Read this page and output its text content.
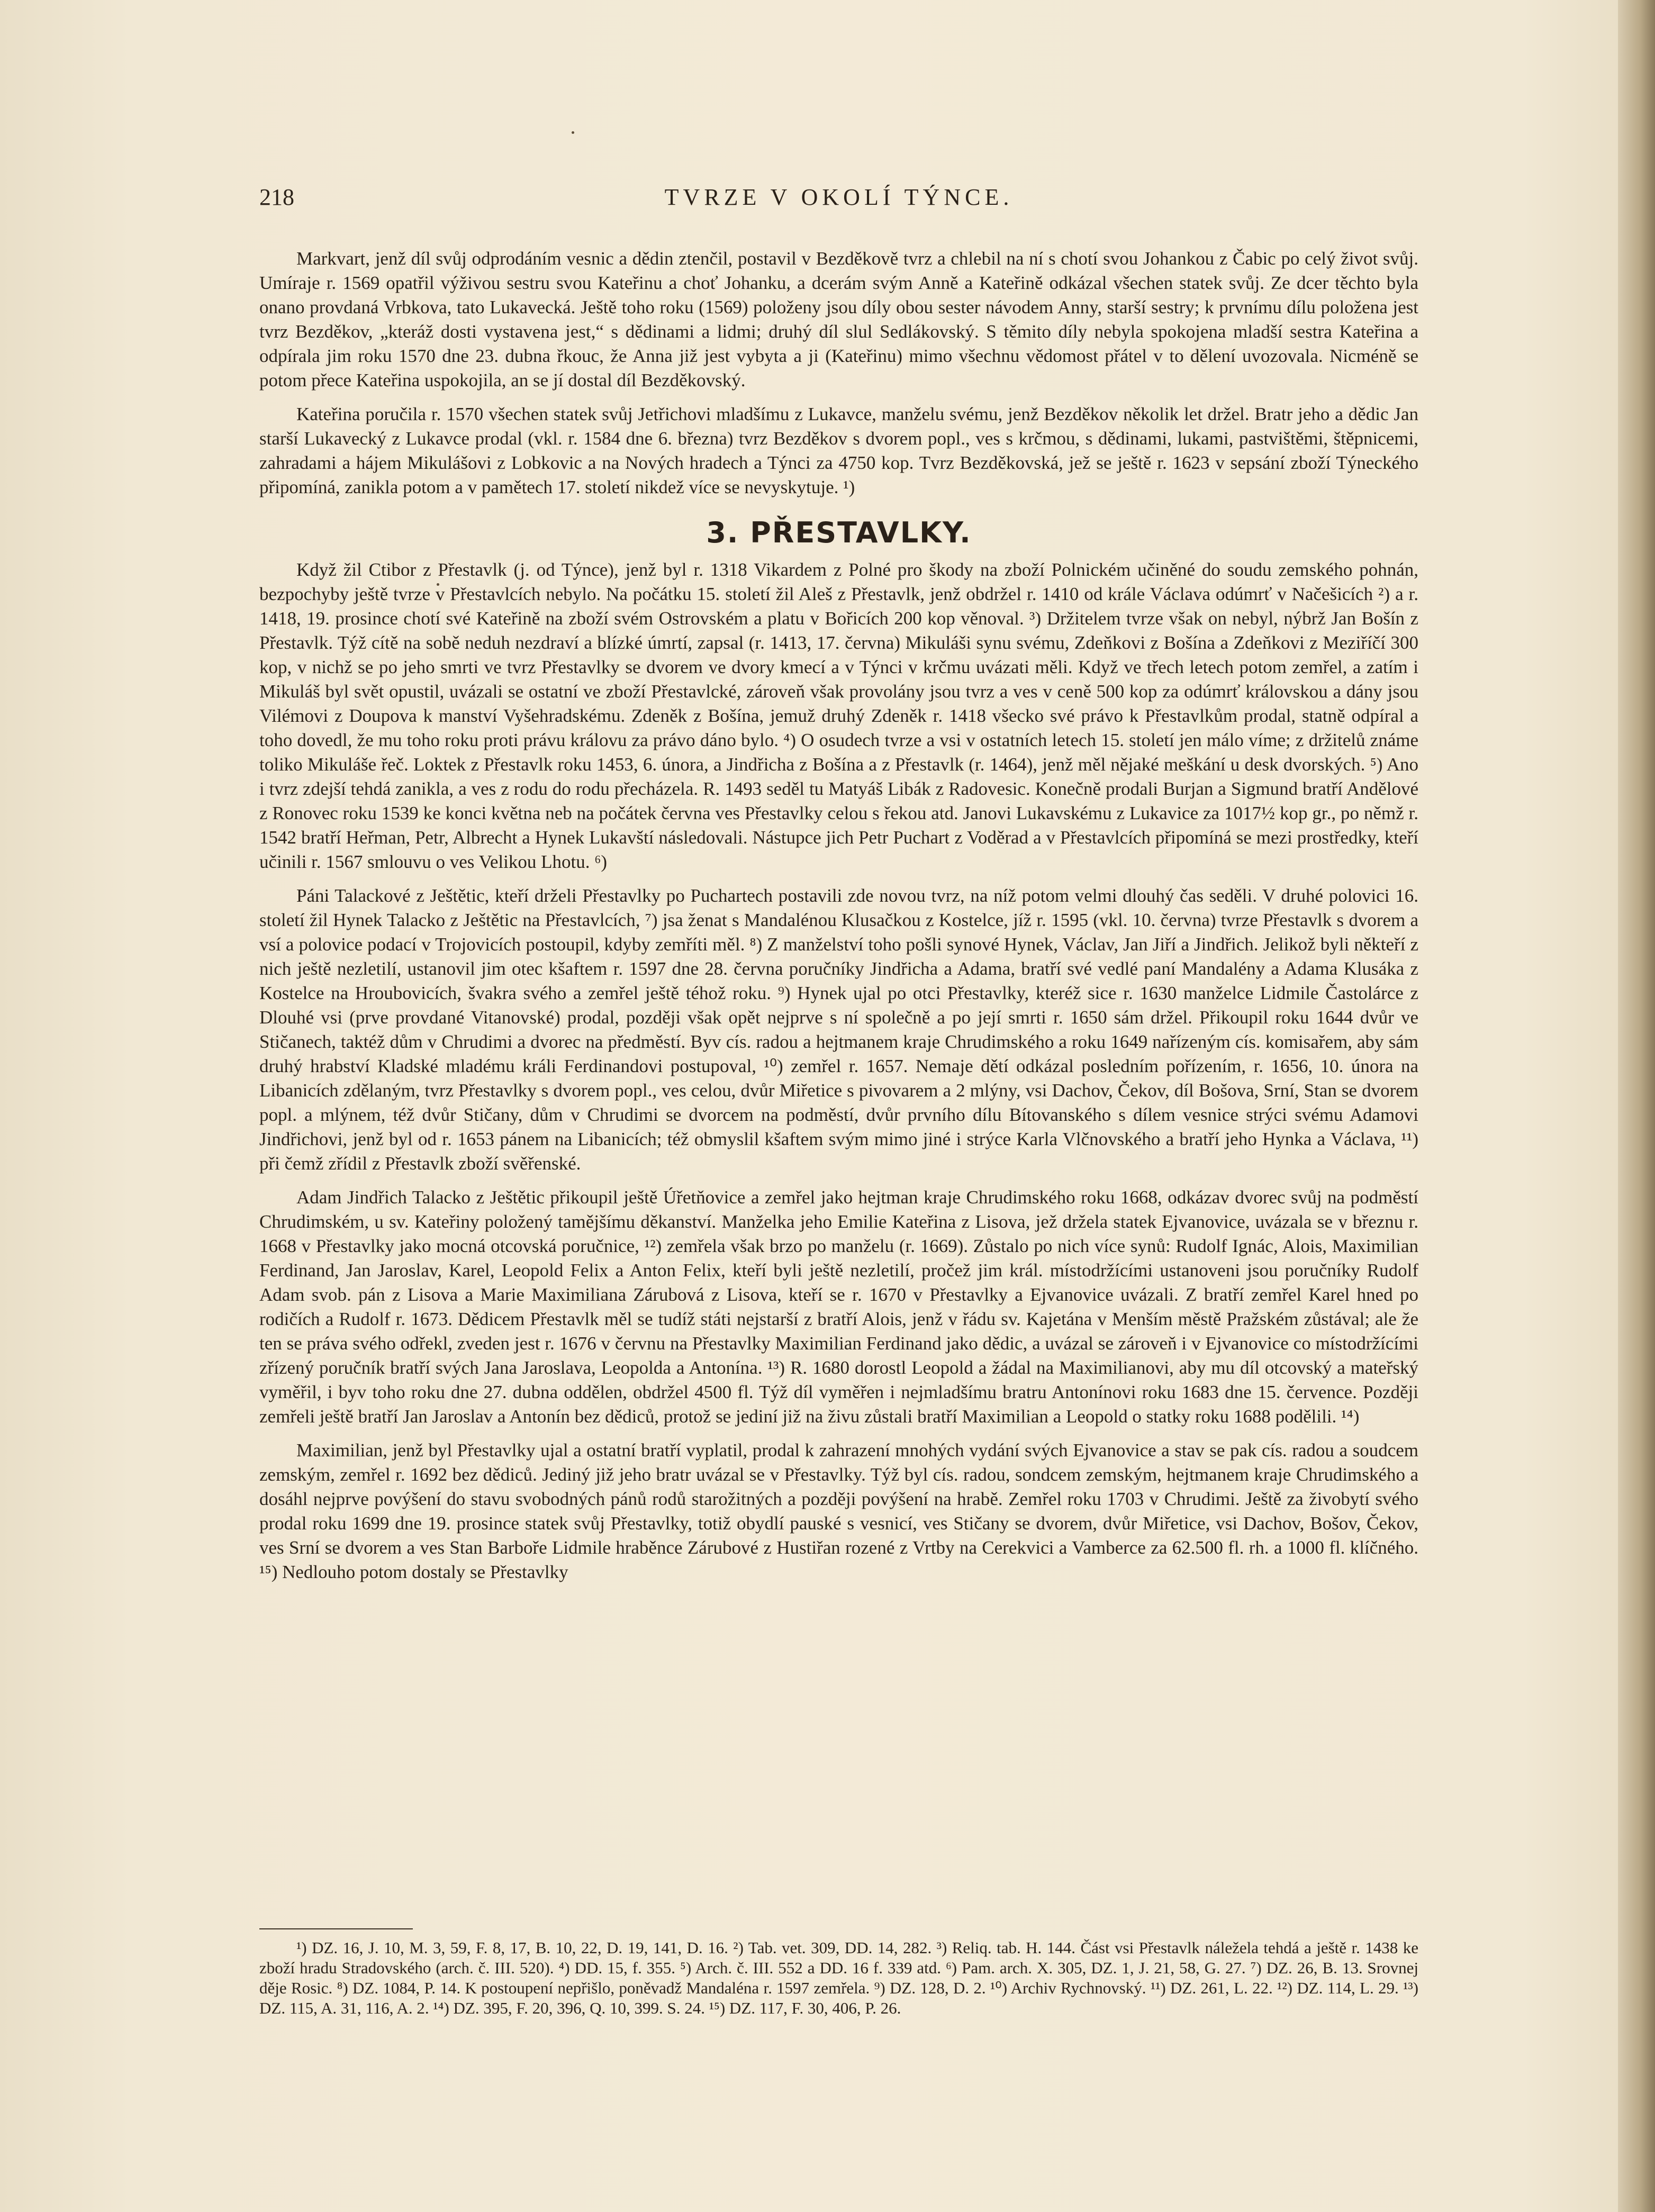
218	TVRZE V OKOLÍ TÝNCE.

Markvart, jenž díl svůj odprodáním vesnic a dědin ztenčil, postavil v Bezděkově tvrz a chlebil na ní s chotí svou Johankou z Čabic po celý život svůj. Umíraje r. 1569 opatřil výživou sestru svou Kateřinu a choť Johanku, a dcerám svým Anně a Kateřině odkázal všechen statek svůj. Ze dcer těchto byla onano provdaná Vrbkova, tato Lukavecká. Ještě toho roku (1569) položeny jsou díly obou sester návodem Anny, starší sestry; k prvnímu dílu položena jest tvrz Bezděkov, „kteráž dosti vystavena jest,“ s dědinami a lidmi; druhý díl slul Sedlákovský. S těmito díly nebyla spokojena mladší sestra Kateřina a odpírala jim roku 1570 dne 23. dubna řkouc, že Anna již jest vybyta a ji (Kateřinu) mimo všechnu vědomost přátel v to dělení uvozovala. Nicméně se potom přece Kateřina uspokojila, an se jí dostal díl Bezděkovský.

Kateřina poručila r. 1570 všechen statek svůj Jetřichovi mladšímu z Lukavce, manželu svému, jenž Bezděkov několik let držel. Bratr jeho a dědic Jan starší Lukavecký z Lukavce prodal (vkl. r. 1584 dne 6. března) tvrz Bezděkov s dvorem popl., ves s krčmou, s dědinami, lukami, pastvištěmi, štěpnicemi, zahradami a hájem Mikulášovi z Lobkovic a na Nových hradech a Týnci za 4750 kop. Tvrz Bezděkovská, jež se ještě r. 1623 v sepsání zboží Týneckého připomíná, zanikla potom a v pamětech 17. století nikdež více se nevyskytuje. ¹)

3. PŘESTAVLKY.

Když žil Ctibor z Přestavlk (j. od Týnce), jenž byl r. 1318 Vikardem z Polné pro škody na zboží Polnickém učiněné do soudu zemského pohnán, bezpochyby ještě tvrze v Přestavlcích nebylo. Na počátku 15. století žil Aleš z Přestavlk, jenž obdržel r. 1410 od krále Václava odúmrť v Načešicích ²) a r. 1418, 19. prosince chotí své Kateřině na zboží svém Ostrovském a platu v Bořicích 200 kop věnoval. ³) Držitelem tvrze však on nebyl, nýbrž Jan Bošín z Přestavlk. Týž cítě na sobě neduh nezdraví a blízké úmrtí, zapsal (r. 1413, 17. června) Mikuláši synu svému, Zdeňkovi z Bošína a Zdeňkovi z Meziříčí 300 kop, v nichž se po jeho smrti ve tvrz Přestavlky se dvorem ve dvory kmecí a v Týnci v krčmu uvázati měli. Když ve třech letech potom zemřel, a zatím i Mikuláš byl svět opustil, uvázali se ostatní ve zboží Přestavlcké, zároveň však provolány jsou tvrz a ves v ceně 500 kop za odúmrť královskou a dány jsou Vilémovi z Doupova k manství Vyšehradskému. Zdeněk z Bošína, jemuž druhý Zdeněk r. 1418 všecko své právo k Přestavlkům prodal, statně odpíral a toho dovedl, že mu toho roku proti právu královu za právo dáno bylo. ⁴) O osudech tvrze a vsi v ostatních letech 15. století jen málo víme; z držitelů známe toliko Mikuláše řeč. Loktek z Přestavlk roku 1453, 6. února, a Jindřicha z Bošína a z Přestavlk (r. 1464), jenž měl nějaké meškání u desk dvorských. ⁵) Ano i tvrz zdejší tehdá zanikla, a ves z rodu do rodu přecházela. R. 1493 seděl tu Matyáš Libák z Radovesic. Konečně prodali Burjan a Sigmund bratří Andělové z Ronovec roku 1539 ke konci května neb na počátek června ves Přestavlky celou s řekou atd. Janovi Lukavskému z Lukavice za 1017½ kop gr., po němž r. 1542 bratří Heřman, Petr, Albrecht a Hynek Lukavští následovali. Nástupce jich Petr Puchart z Voděrad a v Přestavlcích připomíná se mezi prostředky, kteří učinili r. 1567 smlouvu o ves Velikou Lhotu. ⁶)

Páni Talackové z Ještětic, kteří drželi Přestavlky po Puchartech postavili zde novou tvrz, na níž potom velmi dlouhý čas seděli. V druhé polovici 16. století žil Hynek Talacko z Ještětic na Přestavlcích, ⁷) jsa ženat s Mandalénou Klusačkou z Kostelce, jíž r. 1595 (vkl. 10. června) tvrze Přestavlk s dvorem a vsí a polovice podací v Trojovicích postoupil, kdyby zemříti měl. ⁸) Z manželství toho pošli synové Hynek, Václav, Jan Jiří a Jindřich. Jelikož byli někteří z nich ještě nezletilí, ustanovil jim otec kšaftem r. 1597 dne 28. června poručníky Jindřicha a Adama, bratří své vedlé paní Mandalény a Adama Klusáka z Kostelce na Hroubovicích, švakra svého a zemřel ještě téhož roku. ⁹) Hynek ujal po otci Přestavlky, kteréž sice r. 1630 manželce Lidmile Častolárce z Dlouhé vsi (prve provdané Vitanovské) prodal, později však opět nejprve s ní společně a po její smrti r. 1650 sám držel. Přikoupil roku 1644 dvůr ve Stičanech, taktéž dům v Chrudimi a dvorec na předměstí. Byv cís. radou a hejtmanem kraje Chrudimského a roku 1649 nařízeným cís. komisařem, aby sám druhý hrabství Kladské mladému králi Ferdinandovi postupoval, ¹⁰) zemřel r. 1657. Nemaje dětí odkázal posledním pořízením, r. 1656, 10. února na Libanicích zdělaným, tvrz Přestavlky s dvorem popl., ves celou, dvůr Miřetice s pivovarem a 2 mlýny, vsi Dachov, Čekov, díl Bošova, Srní, Stan se dvorem popl. a mlýnem, též dvůr Stičany, dům v Chrudimi se dvorcem na podměstí, dvůr prvního dílu Bítovanského s dílem vesnice strýci svému Adamovi Jindřichovi, jenž byl od r. 1653 pánem na Libanicích; též obmyslil kšaftem svým mimo jiné i strýce Karla Vlčnovského a bratří jeho Hynka a Václava, ¹¹) při čemž zřídil z Přestavlk zboží svěřenské.

Adam Jindřich Talacko z Ještětic přikoupil ještě Úřetňovice a zemřel jako hejtman kraje Chrudimského roku 1668, odkázav dvorec svůj na podměstí Chrudimském, u sv. Kateřiny položený tamějšímu děkanství. Manželka jeho Emilie Kateřina z Lisova, jež držela statek Ejvanovice, uvázala se v březnu r. 1668 v Přestavlky jako mocná otcovská poručnice, ¹²) zemřela však brzo po manželu (r. 1669). Zůstalo po nich více synů: Rudolf Ignác, Alois, Maximilian Ferdinand, Jan Jaroslav, Karel, Leopold Felix a Anton Felix, kteří byli ještě nezletilí, pročež jim král. místodržícími ustanoveni jsou poručníky Rudolf Adam svob. pán z Lisova a Marie Maximiliana Zárubová z Lisova, kteří se r. 1670 v Přestavlky a Ejvanovice uvázali. Z bratří zemřel Karel hned po rodičích a Rudolf r. 1673. Dědicem Přestavlk měl se tudíž státi nejstarší z bratří Alois, jenž v řádu sv. Kajetána v Menším městě Pražském zůstával; ale že ten se práva svého odřekl, zveden jest r. 1676 v červnu na Přestavlky Maximilian Ferdinand jako dědic, a uvázal se zároveň i v Ejvanovice co místodržícími zřízený poručník bratří svých Jana Jaroslava, Leopolda a Antonína. ¹³) R. 1680 dorostl Leopold a žádal na Maximilianovi, aby mu díl otcovský a mateřský vyměřil, i byv toho roku dne 27. dubna oddělen, obdržel 4500 fl. Týž díl vyměřen i nejmladšímu bratru Antonínovi roku 1683 dne 15. července. Později zemřeli ještě bratří Jan Jaroslav a Antonín bez dědiců, protož se jediní již na živu zůstali bratří Maximilian a Leopold o statky roku 1688 podělili. ¹⁴)

Maximilian, jenž byl Přestavlky ujal a ostatní bratří vyplatil, prodal k zahrazení mnohých vydání svých Ejvanovice a stav se pak cís. radou a soudcem zemským, zemřel r. 1692 bez dědiců. Jediný již jeho bratr uvázal se v Přestavlky. Týž byl cís. radou, sondcem zemským, hejtmanem kraje Chrudimského a dosáhl nejprve povýšení do stavu svobodných pánů rodů starožitných a později povýšení na hrabě. Zemřel roku 1703 v Chrudimi. Ještě za živobytí svého prodal roku 1699 dne 19. prosince statek svůj Přestavlky, totiž obydlí pauské s vesnicí, ves Stičany se dvorem, dvůr Miřetice, vsi Dachov, Bošov, Čekov, ves Srní se dvorem a ves Stan Barboře Lidmile hraběnce Zárubové z Hustiřan rozené z Vrtby na Cerekvici a Vamberce za 62.500 fl. rh. a 1000 fl. klíčného. ¹⁵) Nedlouho potom dostaly se Přestavlky

¹) DZ. 16, J. 10, M. 3, 59, F. 8, 17, B. 10, 22, D. 19, 141, D. 16. ²) Tab. vet. 309, DD. 14, 282. ³) Reliq. tab. H. 144. Část vsi Přestavlk náležela tehdá a ještě r. 1438 ke zboží hradu Stradovského (arch. č. III. 520). ⁴) DD. 15, f. 355. ⁵) Arch. č. III. 552 a DD. 16 f. 339 atd. ⁶) Pam. arch. X. 305, DZ. 1, J. 21, 58, G. 27. ⁷) DZ. 26, B. 13. Srovnej děje Rosic. ⁸) DZ. 1084, P. 14. K postoupení nepřišlo, poněvadž Mandaléna r. 1597 zemřela. ⁹) DZ. 128, D. 2. ¹⁰) Archiv Rychnovský. ¹¹) DZ. 261, L. 22. ¹²) DZ. 114, L. 29. ¹³) DZ. 115, A. 31, 116, A. 2. ¹⁴) DZ. 395, F. 20, 396, Q. 10, 399. S. 24. ¹⁵) DZ. 117, F. 30, 406, P. 26.
